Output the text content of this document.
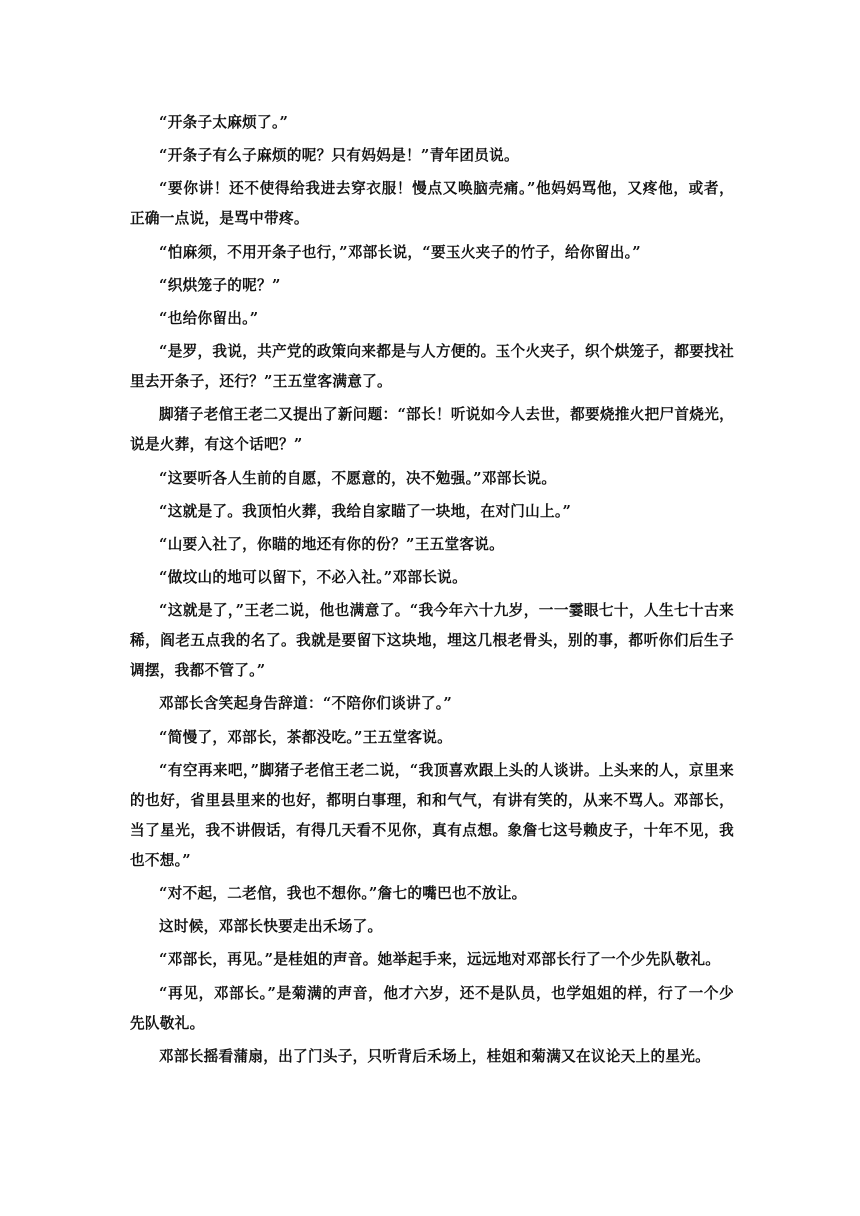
“开条子太麻烦了。”

“开条子有么子麻烦的呢？只有妈妈是！”青年团员说。

“要你讲！还不使得给我进去穿衣服！慢点又唤脑壳痛。”他妈妈骂他，又疼他，或者，正确一点说，是骂中带疼。

“怕麻须，不用开条子也行，”邓部长说，“要玉火夹子的竹子，给你留出。”

“织烘笼子的呢？”

“也给你留出。”

“是罗，我说，共产党的政策向来都是与人方便的。玉个火夹子，织个烘笼子，都要找社里去开条子，还行？”王五堂客满意了。

脚猪子老倌王老二又提出了新问题：“部长！听说如今人去世，都要烧推火把尸首烧光，说是火葬，有这个话吧？”

“这要听各人生前的自愿，不愿意的，决不勉强。”邓部长说。

“这就是了。我顶怕火葬，我给自家瞄了一块地，在对门山上。”

“山要入社了，你瞄的地还有你的份？”王五堂客说。

“做坟山的地可以留下，不必入社。”邓部长说。

“这就是了，”王老二说，他也满意了。“我今年六十九岁，一一霎眼七十，人生七十古来稀，阎老五点我的名了。我就是要留下这块地，埋这几根老骨头，别的事，都听你们后生子调摆，我都不管了。”

邓部长含笑起身告辞道：“不陪你们谈讲了。”

“简慢了，邓部长，茶都没吃。”王五堂客说。

“有空再来吧，”脚猪子老倌王老二说，“我顶喜欢跟上头的人谈讲。上头来的人，京里来的也好，省里县里来的也好，都明白事理，和和气气，有讲有笑的，从来不骂人。邓部长，当了星光，我不讲假话，有得几天看不见你，真有点想。象詹七这号赖皮子，十年不见，我也不想。”

“对不起，二老倌，我也不想你。”詹七的嘴巴也不放让。

这时候，邓部长快要走出禾场了。

“邓部长，再见。”是桂姐的声音。她举起手来，远远地对邓部长行了一个少先队敬礼。

“再见，邓部长。”是菊满的声音，他才六岁，还不是队员，也学姐姐的样，行了一个少先队敬礼。

邓部长摇看蒲扇，出了门头子，只听背后禾场上，桂姐和菊满又在议论天上的星光。
